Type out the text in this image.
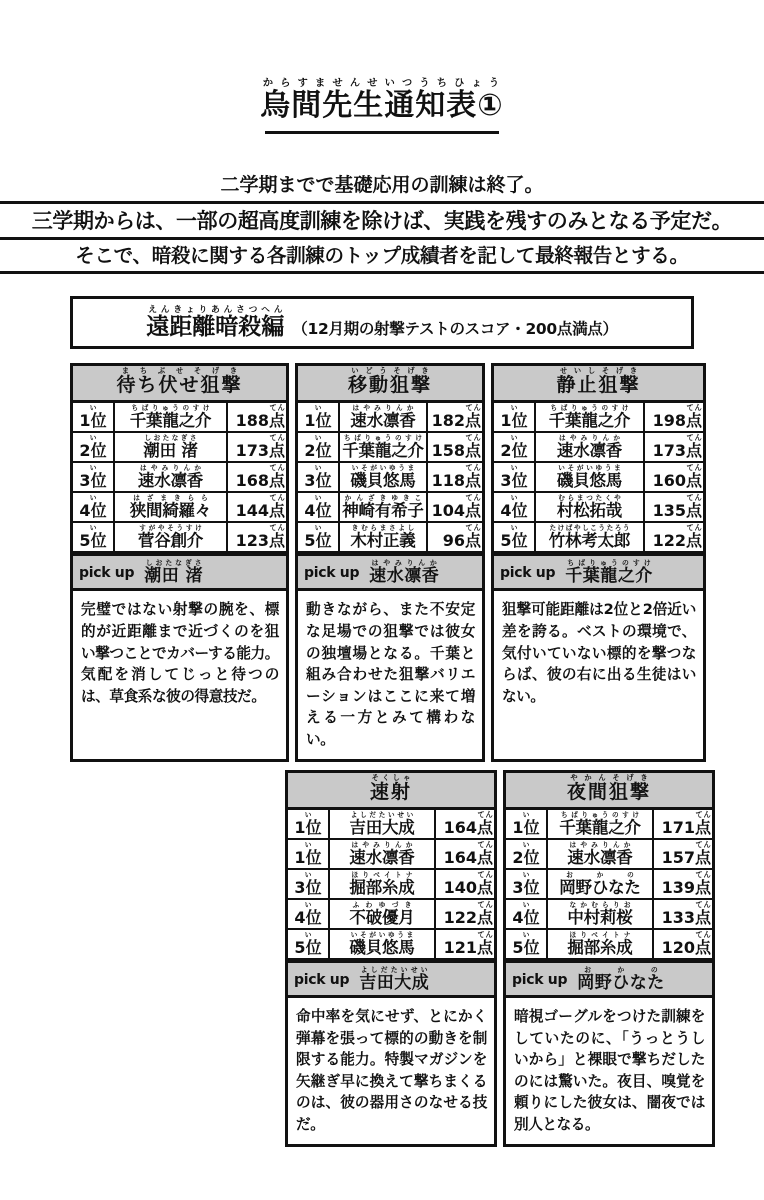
烏間先生通知表①からすませんせいつうちひょう
二学期までで基礎応用の訓練は終了。
三学期からは、一部の超高度訓練を除けば、実践を残すのみとなる予定だ。
そこで、暗殺に関する各訓練のトップ成績者を記して最終報告とする。
遠距離暗殺編えんきょりあんさつへん （12月期の射撃テストのスコア・200点満点）
待ち伏せ狙撃まちぶせそげき
1位い	千葉龍之介ちばりゅうのすけ	188点てん
2位い	潮田 渚しおたなぎさ	173点てん
3位い	速水凛香はやみりんか	168点てん
4位い	狭間綺羅々はざまきらら	144点てん
5位い	菅谷創介すがやそうすけ	123点てん
pick up 潮田 渚しおたなぎさ
完璧ではない射撃の腕を、標的が近距離まで近づくのを狙い撃つことでカバーする能力。気配を消してじっと待つのは、草食系な彼の得意技だ。
移動狙撃いどうそげき
1位い	速水凛香はやみりんか	182点てん
2位い	千葉龍之介ちばりゅうのすけ	158点てん
3位い	磯貝悠馬いそがいゆうま	118点てん
4位い	神崎有希子かんざきゆきこ	104点てん
5位い	木村正義きむらまさよし	96点てん
pick up 速水凛香はやみりんか
動きながら、また不安定な足場での狙撃では彼女の独壇場となる。千葉と組み合わせた狙撃バリエーションはここに来て増える一方とみて構わない。
静止狙撃せいしそげき
1位い	千葉龍之介ちばりゅうのすけ	198点てん
2位い	速水凛香はやみりんか	173点てん
3位い	磯貝悠馬いそがいゆうま	160点てん
4位い	村松拓哉むらまつたくや	135点てん
5位い	竹林考太郎たけばやしこうたろう	122点てん
pick up 千葉龍之介ちばりゅうのすけ
狙撃可能距離は2位と2倍近い差を誇る。ベストの環境で、気付いていない標的を撃つならば、彼の右に出る生徒はいない。
速射そくしゃ
1位い	吉田大成よしだたいせい	164点てん
1位い	速水凛香はやみりんか	164点てん
3位い	掘部糸成ほりべイトナ	140点てん
4位い	不破優月ふわゆづき	122点てん
5位い	磯貝悠馬いそがいゆうま	121点てん
pick up 吉田大成よしだたいせい
命中率を気にせず、とにかく弾幕を張って標的の動きを制限する能力。特製マガジンを矢継ぎ早に換えて撃ちまくるのは、彼の器用さのなせる技だ。
夜間狙撃やかんそげき
1位い	千葉龍之介ちばりゅうのすけ	171点てん
2位い	速水凛香はやみりんか	157点てん
3位い	岡野ひなたおかの	139点てん
4位い	中村莉桜なかむらりお	133点てん
5位い	掘部糸成ほりべイトナ	120点てん
pick up 岡野ひなたおかの
暗視ゴーグルをつけた訓練をしていたのに、「うっとうしいから」と裸眼で撃ちだしたのには驚いた。夜目、嗅覚を頼りにした彼女は、闇夜では別人となる。
